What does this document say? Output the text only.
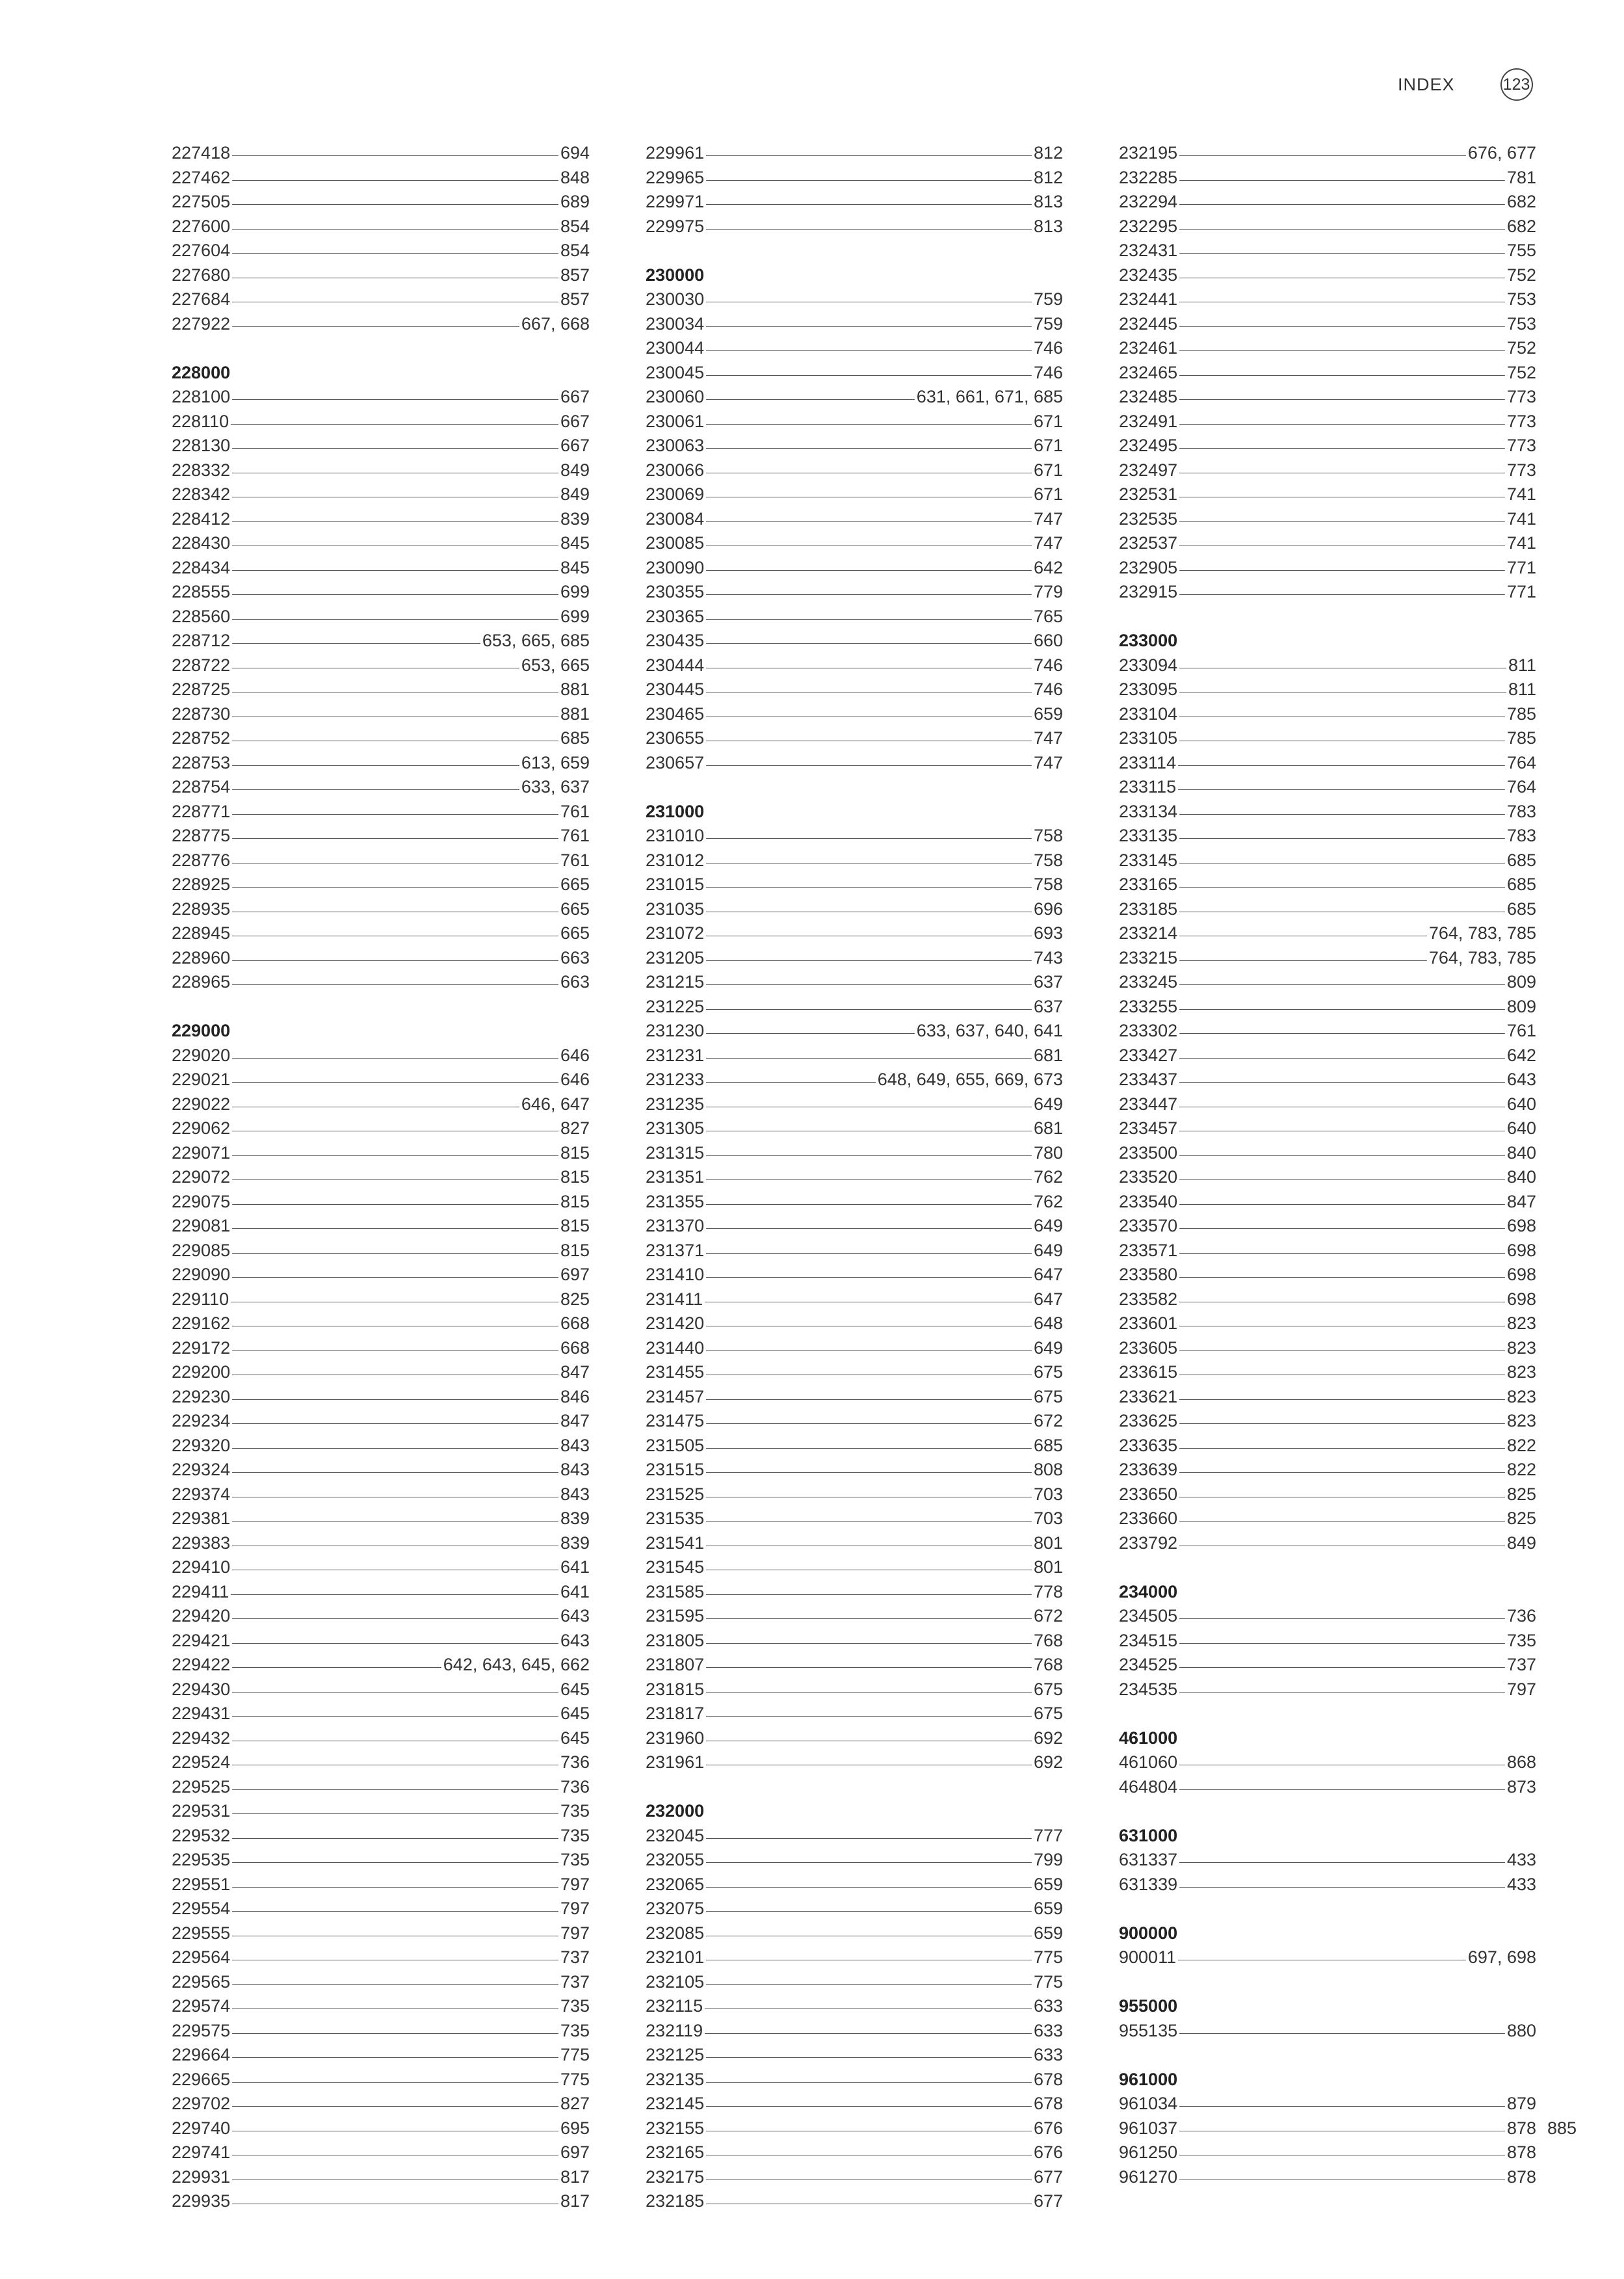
INDEX	123
227418	694
227462	848
227505	689
227600	854
227604	854
227680	857
227684	857
227922	667, 668
228000
228100	667
228110	667
228130	667
228332	849
228342	849
228412	839
228430	845
228434	845
228555	699
228560	699
228712	653, 665, 685
228722	653, 665
228725	881
228730	881
228752	685
228753	613, 659
228754	633, 637
228771	761
228775	761
228776	761
228925	665
228935	665
228945	665
228960	663
228965	663
229000
229020	646
229021	646
229022	646, 647
229062	827
229071	815
229072	815
229075	815
229081	815
229085	815
229090	697
229110	825
229162	668
229172	668
229200	847
229230	846
229234	847
229320	843
229324	843
229374	843
229381	839
229383	839
229410	641
229411	641
229420	643
229421	643
229422	642, 643, 645, 662
229430	645
229431	645
229432	645
229524	736
229525	736
229531	735
229532	735
229535	735
229551	797
229554	797
229555	797
229564	737
229565	737
229574	735
229575	735
229664	775
229665	775
229702	827
229740	695
229741	697
229931	817
229935	817
229961	812
229965	812
229971	813
229975	813
230000
230030	759
230034	759
230044	746
230045	746
230060	631, 661, 671, 685
230061	671
230063	671
230066	671
230069	671
230084	747
230085	747
230090	642
230355	779
230365	765
230435	660
230444	746
230445	746
230465	659
230655	747
230657	747
231000
231010	758
231012	758
231015	758
231035	696
231072	693
231205	743
231215	637
231225	637
231230	633, 637, 640, 641
231231	681
231233	648, 649, 655, 669, 673
231235	649
231305	681
231315	780
231351	762
231355	762
231370	649
231371	649
231410	647
231411	647
231420	648
231440	649
231455	675
231457	675
231475	672
231505	685
231515	808
231525	703
231535	703
231541	801
231545	801
231585	778
231595	672
231805	768
231807	768
231815	675
231817	675
231960	692
231961	692
232000
232045	777
232055	799
232065	659
232075	659
232085	659
232101	775
232105	775
232115	633
232119	633
232125	633
232135	678
232145	678
232155	676
232165	676
232175	677
232185	677
232195	676, 677
232285	781
232294	682
232295	682
232431	755
232435	752
232441	753
232445	753
232461	752
232465	752
232485	773
232491	773
232495	773
232497	773
232531	741
232535	741
232537	741
232905	771
232915	771
233000
233094	811
233095	811
233104	785
233105	785
233114	764
233115	764
233134	783
233135	783
233145	685
233165	685
233185	685
233214	764, 783, 785
233215	764, 783, 785
233245	809
233255	809
233302	761
233427	642
233437	643
233447	640
233457	640
233500	840
233520	840
233540	847
233570	698
233571	698
233580	698
233582	698
233601	823
233605	823
233615	823
233621	823
233625	823
233635	822
233639	822
233650	825
233660	825
233792	849
234000
234505	736
234515	735
234525	737
234535	797
461000
461060	868
464804	873
631000
631337	433
631339	433
900000
900011	697, 698
955000
955135	880
961000
961034	879
961037	878
961250	878
961270	878
885
